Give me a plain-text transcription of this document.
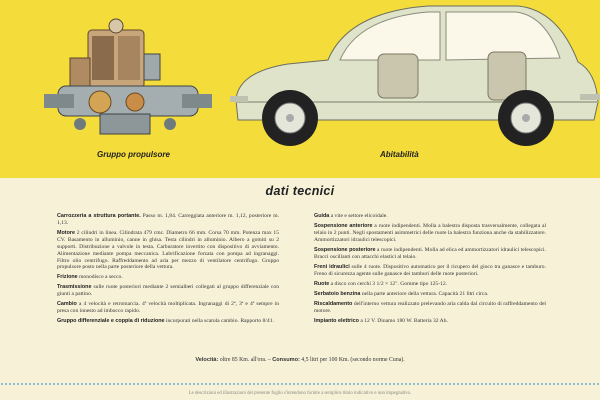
Gruppo propulsore	Abitabilità
dati tecnici

Carrozzeria a struttura portante. Passo m. 1,84. Carreggiata anteriore m. 1,12, posteriore m. 1,13.

Motore 2 cilindri in linea. Cilindrata 479 cmc. Diametro 66 mm. Corsa 70 mm. Potenza max 15 CV. Basamento in alluminio, canne in ghisa. Testa cilindri in alluminio. Albero a gomiti su 2 supporti. Distribuzione a valvole in testa. Carburatore invertito con dispositivo di avviamento. Alimentazione mediante pompa meccanica. Lubrificazione forzata con pompa ad ingranaggi. Filtro olio centrifugo. Raffreddamento ad aria per mezzo di ventilatore centrifugo. Gruppo propulsore posto nella parte posteriore della vettura.

Frizione monodisco a secco.

Trasmissione sulle ruote posteriori mediante 2 semialberi collegati al gruppo differenziale con giunti a pattino.

Cambio a 4 velocità e retromarcia. 4ª velocità moltiplicata. Ingranaggi di 2ª, 3ª e 4ª sempre in presa con innesto ad imbocco rapido.

Gruppo differenziale e coppia di riduzione incorporati nella scatola cambio. Rapporto 8/41.

Guida a vite e settore elicoidale.

Sospensione anteriore a ruote indipendenti. Molla a balestra disposta trasversalmente, collegata al telaio in 2 punti. Negli spostamenti asimmetrici delle ruote la balestra funziona anche da stabilizzatore. Ammortizzatori idraulici telescopici.

Sospensione posteriore a ruote indipendenti. Molla ad elica ed ammortizzatori idraulici telescopici. Bracci oscillanti con attacchi elastici al telaio.

Freni idraulici sulle 4 ruote. Dispositivo automatico per il ricupero del gioco tra ganasce e tamburo. Freno di sicurezza agente sulle ganasce dei tamburi delle ruote posteriori.

Ruote a disco con cerchi 3 1/2 × 12". Gomme tipo 125-12.

Serbatoio benzina nella parte anteriore della vettura. Capacità 21 litri circa.

Riscaldamento dell'interno vettura realizzato prelevando aria calda dal circuito di raffreddamento del motore.

Impianto elettrico a 12 V. Dinamo 180 W. Batteria 32 Ah.

Velocità: oltre 85 Km. all'ora. – Consumo: 4,5 litri per 100 Km. (secondo norme Cuna).
Le descrizioni ed illustrazioni del presente foglio s'intendono fornite a semplice titolo indicativo e non impegnativo.
